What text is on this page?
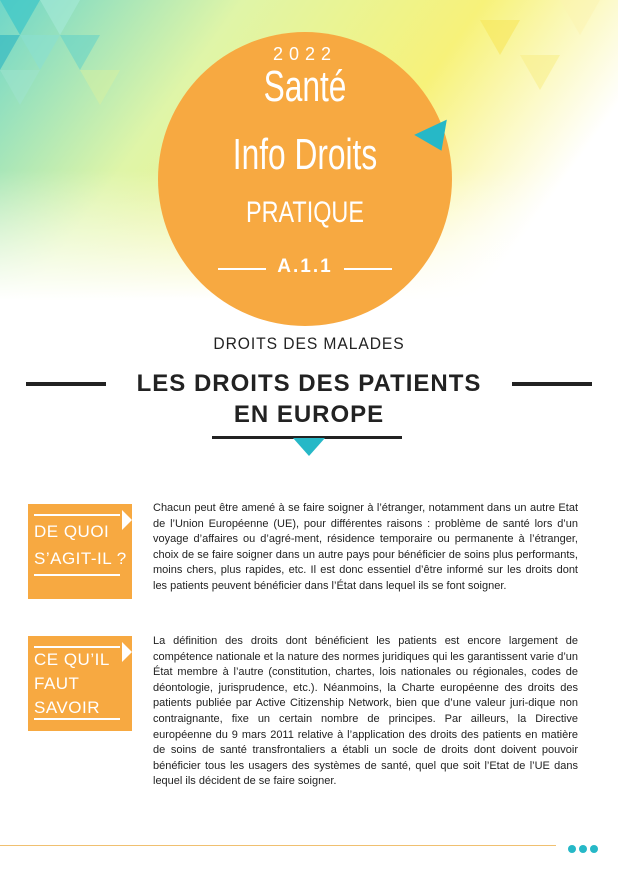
2022
Santé
Info Droits
PRATIQUE
A.1.1
DROITS DES MALADES
LES DROITS DES PATIENTS
EN EUROPE
DE QUOI
S’AGIT-IL ?
Chacun peut être amené à se faire soigner à l’étranger, notamment dans un autre Etat de l’Union Européenne (UE), pour différentes raisons : problème de santé lors d’un voyage d’affaires ou d’agré-ment, résidence temporaire ou permanente à l’étranger, choix de se faire soigner dans un autre pays pour bénéficier de soins plus performants, moins chers, plus rapides, etc. Il est donc essentiel d’être informé sur les droits dont les patients peuvent bénéficier dans l’État dans lequel ils se font soigner.
CE QU’IL
FAUT
SAVOIR
La définition des droits dont bénéficient les patients est encore largement de compétence nationale et la nature des normes juridiques qui les garantissent varie d’un État membre à l’autre (constitution, chartes, lois nationales ou régionales, codes de déontologie, jurisprudence, etc.). Néanmoins, la Charte européenne des droits des patients publiée par Active Citizenship Network, bien que d’une valeur juri-dique non contraignante, fixe un certain nombre de principes. Par ailleurs, la Directive européenne du 9 mars 2011 relative à l’application des droits des patients en matière de soins de santé transfrontaliers a établi un socle de droits dont doivent pouvoir bénéficier tous les usagers des systèmes de santé, quel que soit l’Etat de l’UE dans lequel ils décident de se faire soigner.
